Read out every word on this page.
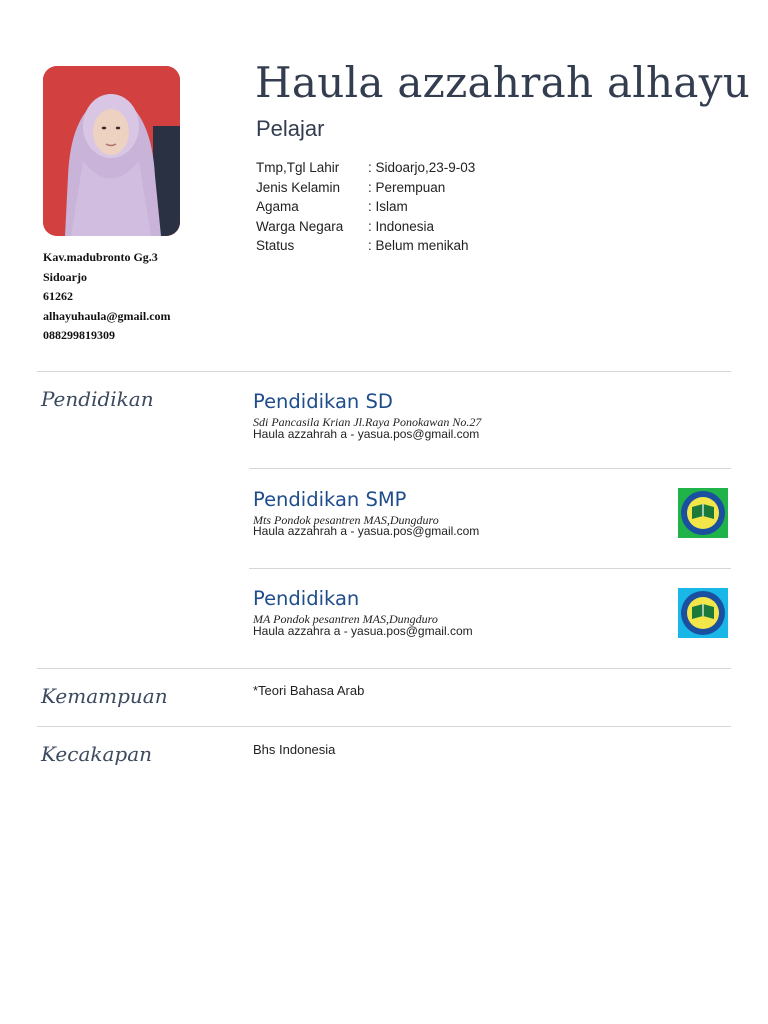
Kav.madubronto Gg.3
Sidoarjo
61262
alhayuhaula@gmail.com
088299819309
Haula azzahrah alhayu
Pelajar
Tmp,Tgl Lahir	: Sidoarjo,23-9-03
Jenis Kelamin	: Perempuan
Agama	: Islam
Warga Negara	: Indonesia
Status	: Belum menikah
Pendidikan	Pendidikan SD
Sdi Pancasila Krian Jl.Raya Ponokawan No.27
Haula azzahrah a - yasua.pos@gmail.com
Pendidikan SMP
Mts Pondok pesantren MAS,Dungduro
Haula azzahrah a - yasua.pos@gmail.com
Pendidikan
MA Pondok pesantren MAS,Dungduro
Haula azzahra a - yasua.pos@gmail.com
Kemampuan	*Teori Bahasa Arab
Kecakapan	Bhs Indonesia
